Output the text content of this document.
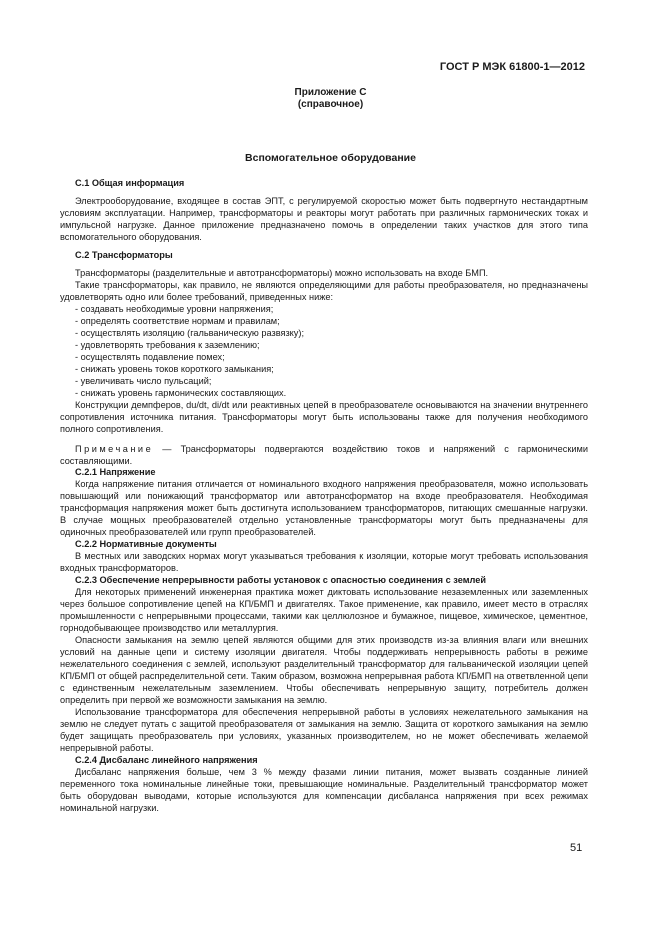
ГОСТ Р МЭК 61800-1—2012
Приложение С
(справочное)
Вспомогательное оборудование
С.1 Общая информация

Электрооборудование, входящее в состав ЭПТ, с регулируемой скоростью может быть подвергнуто нестандартным условиям эксплуатации. Например, трансформаторы и реакторы могут работать при различных гармонических токах и импульсной нагрузке. Данное приложение предназначено помочь в определении таких участков для этого типа вспомогательного оборудования.

С.2 Трансформаторы

Трансформаторы (разделительные и автотрансформаторы) можно использовать на входе БМП.

Такие трансформаторы, как правило, не являются определяющими для работы преобразователя, но предназначены удовлетворять одно или более требований, приведенных ниже:

- создавать необходимые уровни напряжения;
- определять соответствие нормам и правилам;
- осуществлять изоляцию (гальваническую развязку);
- удовлетворять требования к заземлению;
- осуществлять подавление помех;
- снижать уровень токов короткого замыкания;
- увеличивать число пульсаций;
- снижать уровень гармонических составляющих.

Конструкции демпферов, du/dt, di/dt или реактивных цепей в преобразователе основываются на значении внутреннего сопротивления источника питания. Трансформаторы могут быть использованы также для получения необходимого полного сопротивления.

Примечание — Трансформаторы подвергаются воздействию токов и напряжений с гармоническими составляющими.

С.2.1 Напряжение

Когда напряжение питания отличается от номинального входного напряжения преобразователя, можно использовать повышающий или понижающий трансформатор или автотрансформатор на входе преобразователя. Необходимая трансформация напряжения может быть достигнута использованием трансформаторов, питающих смешанные нагрузки. В случае мощных преобразователей отдельно установленные трансформаторы могут быть предназначены для одиночных преобразователей или групп преобразователей.

С.2.2 Нормативные документы

В местных или заводских нормах могут указываться требования к изоляции, которые могут требовать использования входных трансформаторов.

С.2.3 Обеспечение непрерывности работы установок с опасностью соединения с землей

Для некоторых применений инженерная практика может диктовать использование незаземленных или заземленных через большое сопротивление цепей на КП/БМП и двигателях. Такое применение, как правило, имеет место в отраслях промышленности с непрерывными процессами, такими как целлюлозное и бумажное, пищевое, химическое, цементное, горнодобывающее производство или металлургия.

Опасности замыкания на землю цепей являются общими для этих производств из-за влияния влаги или внешних условий на данные цепи и систему изоляции двигателя. Чтобы поддерживать непрерывность работы в режиме нежелательного соединения с землей, используют разделительный трансформатор для гальванической изоляции цепей КП/БМП от общей распределительной сети. Таким образом, возможна непрерывная работа КП/БМП на ответвленной цепи с единственным нежелательным заземлением. Чтобы обеспечивать непрерывную защиту, потребитель должен определить при первой же возможности замыкания на землю.

Использование трансформатора для обеспечения непрерывной работы в условиях нежелательного замыкания на землю не следует путать с защитой преобразователя от замыкания на землю. Защита от короткого замыкания на землю будет защищать преобразователь при условиях, указанных производителем, но не может обеспечивать желаемой непрерывной работы.

С.2.4 Дисбаланс линейного напряжения

Дисбаланс напряжения больше, чем 3 % между фазами линии питания, может вызвать созданные линией переменного тока номинальные линейные токи, превышающие номинальные. Разделительный трансформатор может быть оборудован выводами, которые используются для компенсации дисбаланса напряжения при всех режимах номинальной нагрузки.

51
